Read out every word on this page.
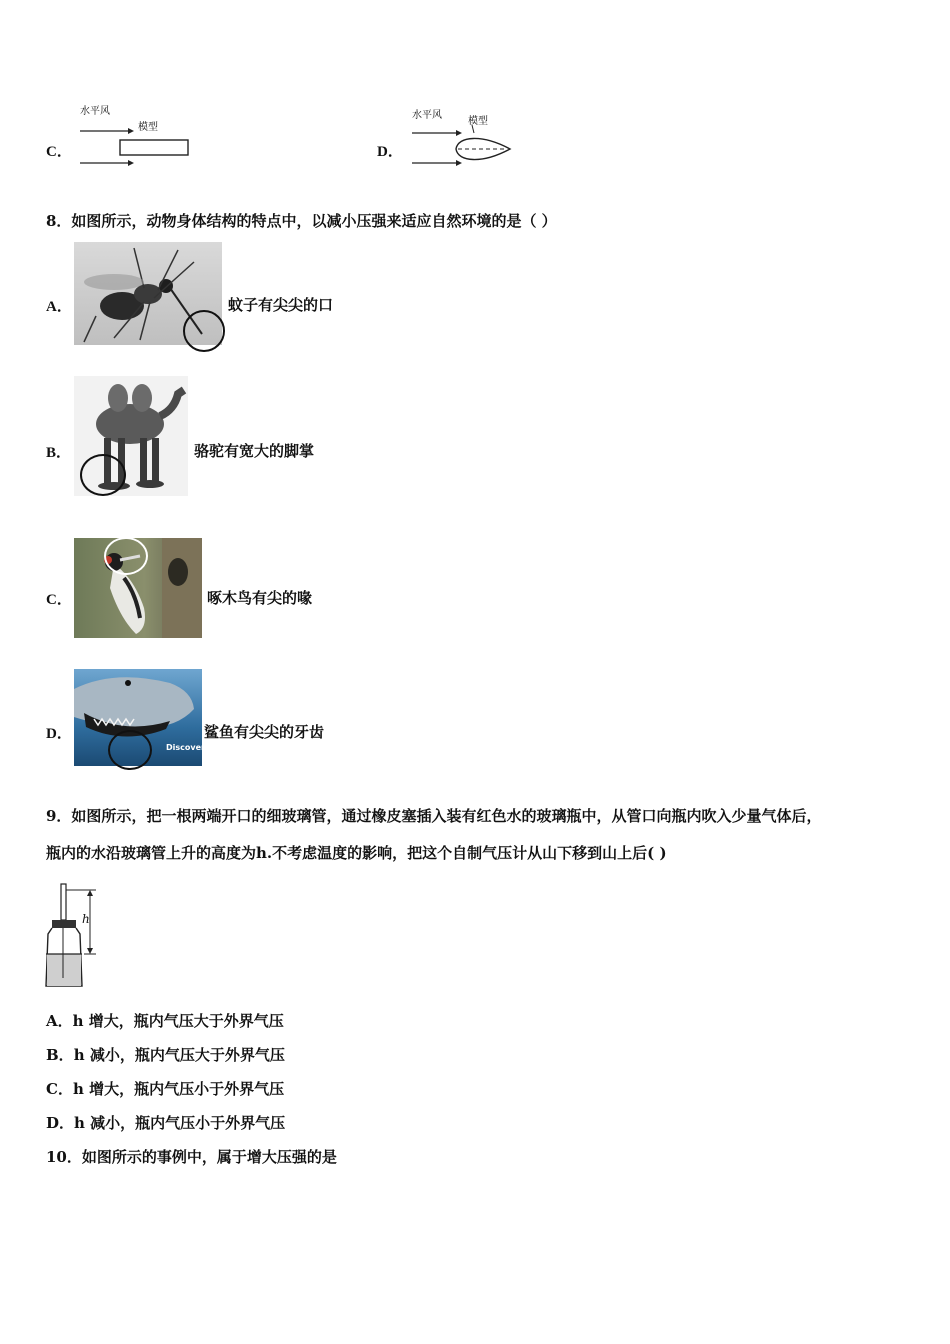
C．
水平风
模型
D．
水平风
模型
8．如图所示，动物身体结构的特点中，以减小压强来适应自然环境的是（ ）
A．	蚊子有尖尖的口
B．	骆驼有宽大的脚掌
C．	啄木鸟有尖的喙
D．
Discovery
鲨鱼有尖尖的牙齿
9．如图所示，把一根两端开口的细玻璃管，通过橡皮塞插入装有红色水的玻璃瓶中，从管口向瓶内吹入少量气体后，
瓶内的水沿玻璃管上升的高度为h.不考虑温度的影响，把这个自制气压计从山下移到山上后( )
h
A．h 增大，瓶内气压大于外界气压
B．h 减小，瓶内气压大于外界气压
C．h 增大，瓶内气压小于外界气压
D．h 减小，瓶内气压小于外界气压
10．如图所示的事例中，属于增大压强的是
